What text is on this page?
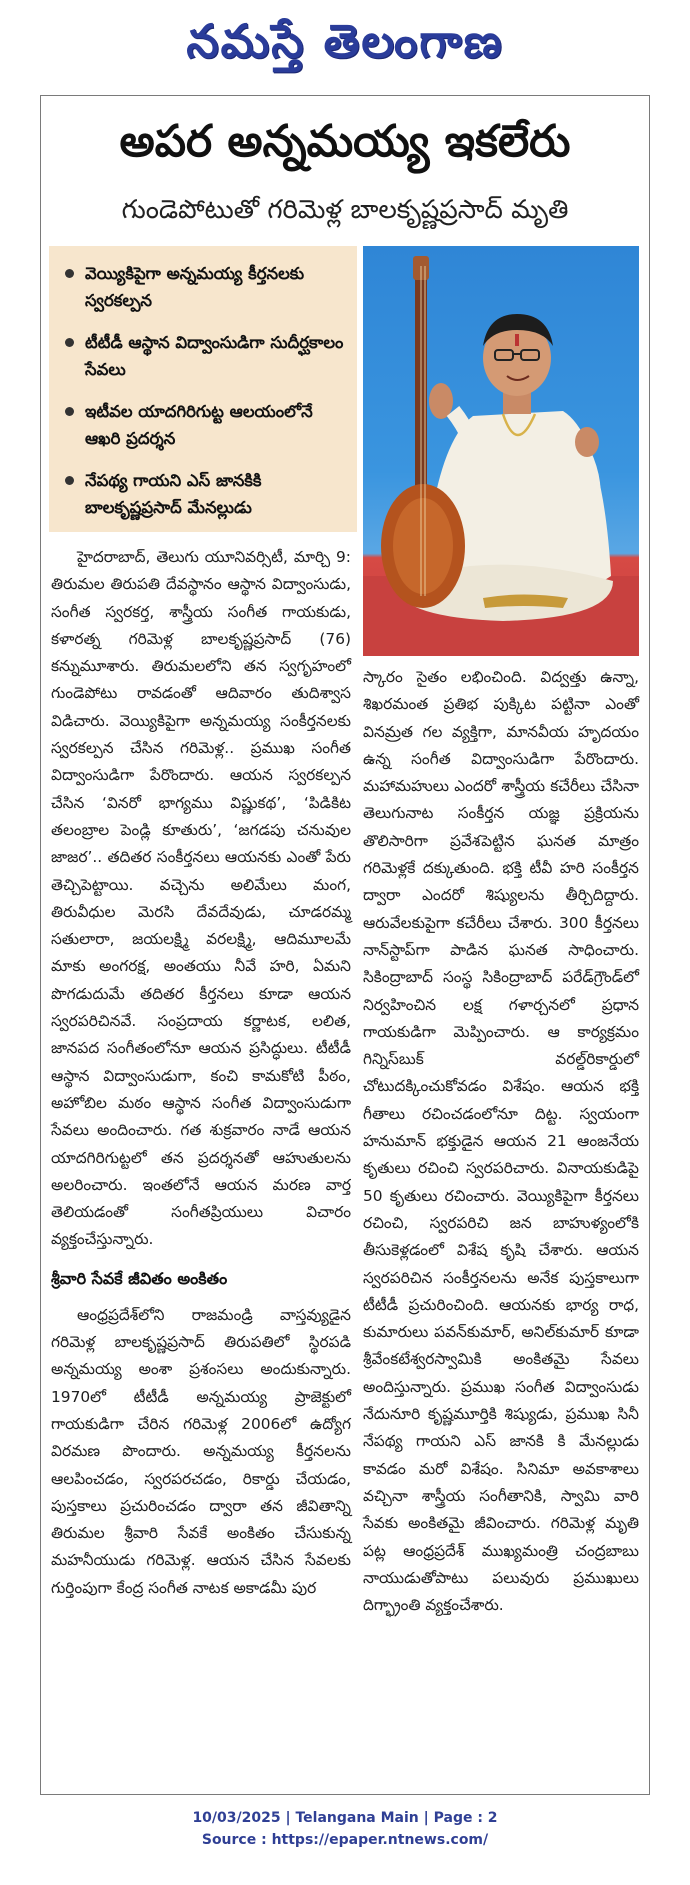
నమస్తే తెలంగాణ
అపర అన్నమయ్య ఇకలేరు
గుండెపోటుతో గరిమెళ్ల బాలకృష్ణప్రసాద్ మృతి
వెయ్యికిపైగా అన్నమయ్య కీర్తనలకు స్వరకల్పన
టీటీడీ ఆస్థాన విద్వాంసుడిగా సుదీర్ఘకాలం సేవలు
ఇటీవల యాదగిరిగుట్ట ఆలయంలోనే ఆఖరి ప్రదర్శన
నేపథ్య గాయని ఎస్ జానకికి బాలకృష్ణప్రసాద్ మేనల్లుడు

హైదరాబాద్, తెలుగు యూనివర్సిటీ, మార్చి 9: తిరుమల తిరుపతి దేవస్థానం ఆస్థాన విద్వాంసుడు, సంగీత స్వరకర్త, శాస్త్రీయ సంగీత గాయకుడు, కళారత్న గరిమెళ్ల బాలకృష్ణప్రసాద్ (76) కన్నుమూశారు. తిరుమలలోని తన స్వగృహంలో గుండెపోటు రావడంతో ఆదివారం తుదిశ్వాస విడిచారు. వెయ్యికిపైగా అన్నమయ్య సంకీర్తనలకు స్వరకల్పన చేసిన గరిమెళ్ల.. ప్రముఖ సంగీత విద్వాంసుడిగా పేరొందారు. ఆయన స్వరకల్పన చేసిన ‘వినరో భాగ్యము విష్ణుకథ’, ‘పిడికిట తలంబ్రాల పెండ్లి కూతురు’, ‘జగడపు చనువుల జాజర’.. తదితర సంకీర్తనలు ఆయనకు ఎంతో పేరు తెచ్చిపెట్టాయి. వచ్చెను అలిమేలు మంగ, తిరువీధుల మెరసి దేవదేవుడు, చూడరమ్మ సతులారా, జయలక్ష్మి వరలక్ష్మి, ఆదిమూలమే మాకు అంగరక్ష, అంతయు నీవే హరి, ఏమని పొగడుదుమే తదితర కీర్తనలు కూడా ఆయన స్వరపరిచినవే. సంప్రదాయ కర్ణాటక, లలిత, జానపద సంగీతంలోనూ ఆయన ప్రసిద్ధులు. టీటీడీ ఆస్థాన విద్వాంసుడుగా, కంచి కామకోటి పీఠం, అహోబిల మఠం ఆస్థాన సంగీత విద్వాంసుడుగా సేవలు అందించారు. గత శుక్రవారం నాడే ఆయన యాదగిరిగుట్టలో తన ప్రదర్శనతో ఆహుతులను అలరించారు. ఇంతలోనే ఆయన మరణ వార్త తెలియడంతో సంగీతప్రియులు విచారం వ్యక్తంచేస్తున్నారు.

శ్రీవారి సేవకే జీవితం అంకితం

ఆంధ్రప్రదేశ్‌లోని రాజమండ్రి వాస్తవ్యుడైన గరిమెళ్ల బాలకృష్ణప్రసాద్ తిరుపతిలో స్థిరపడి అన్నమయ్య అంశా ప్రశంసలు అందుకున్నారు. 1970లో టీటీడీ అన్నమయ్య ప్రాజెక్టులో గాయకుడిగా చేరిన గరిమెళ్ల 2006లో ఉద్యోగ విరమణ పొందారు. అన్నమయ్య కీర్తనలను ఆలపించడం, స్వరపరచడం, రికార్డు చేయడం, పుస్తకాలు ప్రచురించడం ద్వారా తన జీవితాన్ని తిరుమల శ్రీవారి సేవకే అంకితం చేసుకున్న మహనీయుడు గరిమెళ్ల. ఆయన చేసిన సేవలకు గుర్తింపుగా కేంద్ర సంగీత నాటక అకాడమీ పుర

స్కారం సైతం లభించింది. విద్వత్తు ఉన్నా, శిఖరమంత ప్రతిభ పుక్కిట పట్టినా ఎంతో వినమ్రత గల వ్యక్తిగా, మానవీయ హృదయం ఉన్న సంగీత విద్వాంసుడిగా పేరొందారు. మహామహులు ఎందరో శాస్త్రీయ కచేరీలు చేసినా తెలుగునాట సంకీర్తన యజ్ఞ ప్రక్రియను తొలిసారిగా ప్రవేశపెట్టిన ఘనత మాత్రం గరిమెళ్లకే దక్కుతుంది. భక్తి టీవీ హరి సంకీర్తన ద్వారా ఎందరో శిష్యులను తీర్చిదిద్దారు. ఆరువేలకుపైగా కచేరీలు చేశారు. 300 కీర్తనలు నాన్‌స్టాప్‌గా పాడిన ఘనత సాధించారు. సికింద్రాబాద్ సంస్థ సికింద్రాబాద్ పరేడ్‌గ్రౌండ్‌లో నిర్వహించిన లక్ష గళార్చనలో ప్రధాన గాయకుడిగా మెప్పించారు. ఆ కార్యక్రమం గిన్నిస్‌బుక్ వరల్డ్‌రికార్డులో చోటుదక్కించుకోవడం విశేషం. ఆయన భక్తి గీతాలు రచించడంలోనూ దిట్ట. స్వయంగా హనుమాన్ భక్తుడైన ఆయన 21 ఆంజనేయ కృతులు రచించి స్వరపరిచారు. వినాయకుడిపై 50 కృతులు రచించారు. వెయ్యికిపైగా కీర్తనలు రచించి, స్వరపరిచి జన బాహుళ్యంలోకి తీసుకెళ్లడంలో విశేష కృషి చేశారు. ఆయన స్వరపరిచిన సంకీర్తనలను అనేక పుస్తకాలుగా టీటీడీ ప్రచురించింది. ఆయనకు భార్య రాధ, కుమారులు పవన్‌కుమార్, అనిల్‌కుమార్ కూడా శ్రీవేంకటేశ్వరస్వామికి అంకితమై సేవలు అందిస్తున్నారు. ప్రముఖ సంగీత విద్వాంసుడు నేదునూరి కృష్ణమూర్తికి శిష్యుడు, ప్రముఖ సినీ నేపథ్య గాయని ఎస్ జానకి కి మేనల్లుడు కావడం మరో విశేషం. సినిమా అవకాశాలు వచ్చినా శాస్త్రీయ సంగీతానికి, స్వామి వారి సేవకు అంకితమై జీవించారు. గరిమెళ్ల మృతి పట్ల ఆంధ్రప్రదేశ్ ముఖ్యమంత్రి చంద్రబాబు నాయుడుతోపాటు పలువురు ప్రముఖులు దిగ్భ్రాంతి వ్యక్తంచేశారు.

10/03/2025 | Telangana Main | Page : 2
Source : https://epaper.ntnews.com/
